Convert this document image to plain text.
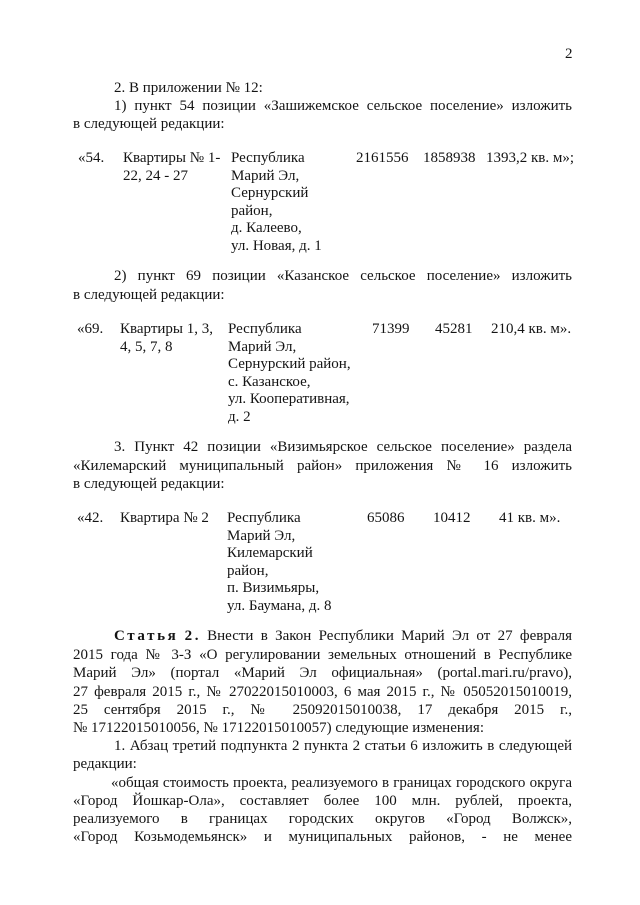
2

2. В приложении № 12:

1) пункт 54 позиции «Зашижемское сельское поселение» изложить

в следующей редакции:

«54. Квартиры № 1-
22, 24 - 27
Республика
Марий Эл,
Сернурский
район,
д. Калеево,
ул. Новая, д. 1

2161556 1858938 1393,2 кв. м»;

2) пункт 69 позиции «Казанское сельское поселение» изложить

в следующей редакции:

«69. Квартиры 1, 3,
4, 5, 7, 8
Республика
Марий Эл,
Сернурский район,
с. Казанское,
ул. Кооперативная,
д. 2

71399 45281 210,4 кв. м».

3. Пункт 42 позиции «Визимьярское сельское поселение» раздела

«Килемарский муниципальный район» приложения № 16 изложить

в следующей редакции:

«42. Квартира № 2 Республика
Марий Эл,
Килемарский
район,
п. Визимьяры,
ул. Баумана, д. 8

65086 10412 41 кв. м».

Статья 2. Внести в Закон Республики Марий Эл от 27 февраля

2015 года № 3-З «О регулировании земельных отношений в Республике

Марий Эл» (портал «Марий Эл официальная» (portal.mari.ru/pravo),

27 февраля 2015 г., № 27022015010003, 6 мая 2015 г., № 05052015010019,

25 сентября 2015 г., № 25092015010038, 17 декабря 2015 г.,

№ 17122015010056, № 17122015010057) следующие изменения:

1. Абзац третий подпункта 2 пункта 2 статьи 6 изложить в следующей

редакции:

«общая стоимость проекта, реализуемого в границах городского округа

«Город Йошкар-Ола», составляет более 100 млн. рублей, проекта,

реализуемого в границах городских округов «Город Волжск»,

«Город Козьмодемьянск» и муниципальных районов, - не менее
